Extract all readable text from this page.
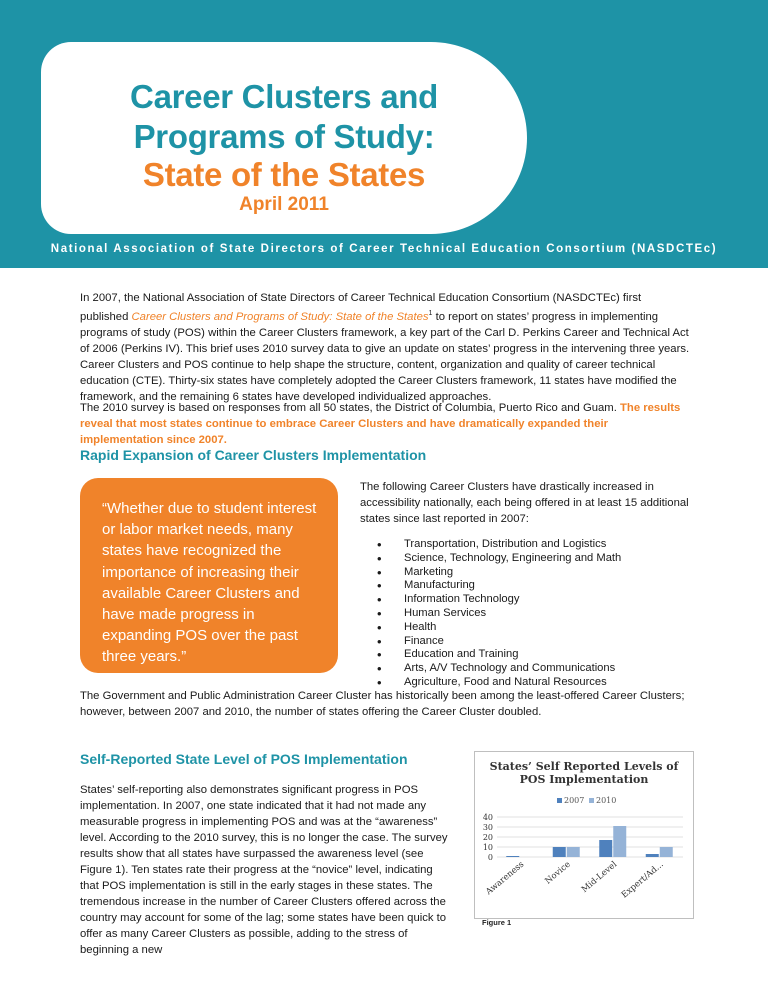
Career Clusters and
Programs of Study:
State of the States
April 2011
National Association of State Directors of Career Technical Education Consortium (NASDCTEc)

In 2007, the National Association of State Directors of Career Technical Education Consortium (NASDCTEc) first published Career Clusters and Programs of Study: State of the States$^1$ to report on states’ progress in implementing programs of study (POS) within the Career Clusters framework, a key part of the Carl D. Perkins Career and Technical Act of 2006 (Perkins IV). This brief uses 2010 survey data to give an update on states’ progress in the intervening three years. Career Clusters and POS continue to help shape the structure, content, organization and quality of career technical education (CTE). Thirty-six states have completely adopted the Career Clusters framework, 11 states have modified the framework, and the remaining 6 states have developed individualized approaches.

The 2010 survey is based on responses from all 50 states, the District of Columbia, Puerto Rico and Guam. The results reveal that most states continue to embrace Career Clusters and have dramatically expanded their implementation since 2007.

Rapid Expansion of Career Clusters Implementation
“Whether due to student interest or labor market needs, many states have recognized the importance of increasing their available Career Clusters and have made progress in expanding POS over the past three years.”

The following Career Clusters have drastically increased in accessibility nationally, each being offered in at least 15 additional states since last reported in 2007:

• Transportation, Distribution and Logistics
• Science, Technology, Engineering and Math
• Marketing
• Manufacturing
• Information Technology
• Human Services
• Health
• Finance
• Education and Training
• Arts, A/V Technology and Communications
• Agriculture, Food and Natural Resources

The Government and Public Administration Career Cluster has historically been among the least-offered Career Clusters; however, between 2007 and 2010, the number of states offering the Career Cluster doubled.

Self-Reported State Level of POS Implementation

States’ self-reporting also demonstrates significant progress in POS implementation. In 2007, one state indicated that it had not made any measurable progress in implementing POS and was at the “awareness” level. According to the 2010 survey, this is no longer the case. The survey results show that all states have surpassed the awareness level (see Figure 1). Ten states rate their progress at the “novice” level, indicating that POS implementation is still in the early stages in these states. The tremendous increase in the number of Career Clusters offered across the country may account for some of the lag; some states have been quick to offer as many Career Clusters as possible, adding to the stress of beginning a new

States’ Self Reported Levels of
POS Implementation
2007 2010
40
30
20
10
0
Awareness Novice Mid-Level Expert/Ad...
Figure 1
